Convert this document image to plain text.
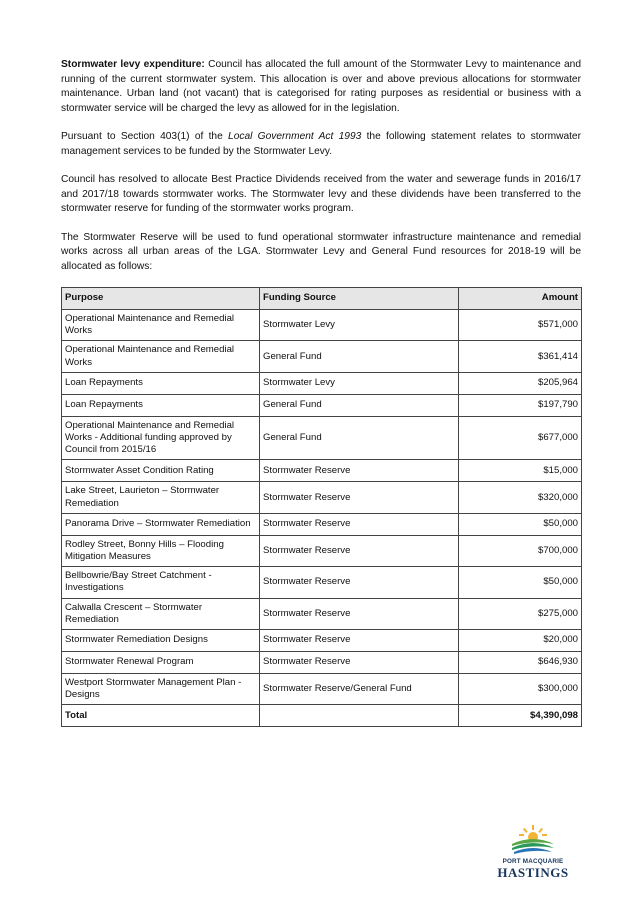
Stormwater levy expenditure: Council has allocated the full amount of the Stormwater Levy to maintenance and running of the current stormwater system. This allocation is over and above previous allocations for stormwater maintenance. Urban land (not vacant) that is categorised for rating purposes as residential or business with a stormwater service will be charged the levy as allowed for in the legislation.

Pursuant to Section 403(1) of the Local Government Act 1993 the following statement relates to stormwater management services to be funded by the Stormwater Levy.

Council has resolved to allocate Best Practice Dividends received from the water and sewerage funds in 2016/17 and 2017/18 towards stormwater works. The Stormwater levy and these dividends have been transferred to the stormwater reserve for funding of the stormwater works program.

The Stormwater Reserve will be used to fund operational stormwater infrastructure maintenance and remedial works across all urban areas of the LGA. Stormwater Levy and General Fund resources for 2018-19 will be allocated as follows:

Purpose	Funding Source	Amount
Operational Maintenance and Remedial Works	Stormwater Levy	$571,000
Operational Maintenance and Remedial Works	General Fund	$361,414
Loan Repayments	Stormwater Levy	$205,964
Loan Repayments	General Fund	$197,790
Operational Maintenance and Remedial Works - Additional funding approved by Council from 2015/16	General Fund	$677,000
Stormwater Asset Condition Rating	Stormwater Reserve	$15,000
Lake Street, Laurieton – Stormwater Remediation	Stormwater Reserve	$320,000
Panorama Drive – Stormwater Remediation	Stormwater Reserve	$50,000
Rodley Street, Bonny Hills – Flooding Mitigation Measures	Stormwater Reserve	$700,000
Bellbowrie/Bay Street Catchment - Investigations	Stormwater Reserve	$50,000
Calwalla Crescent – Stormwater Remediation	Stormwater Reserve	$275,000
Stormwater Remediation Designs	Stormwater Reserve	$20,000
Stormwater Renewal Program	Stormwater Reserve	$646,930
Westport Stormwater Management Plan - Designs	Stormwater Reserve/General Fund	$300,000
Total		$4,390,098
PORT MACQUARIE
HASTINGS
